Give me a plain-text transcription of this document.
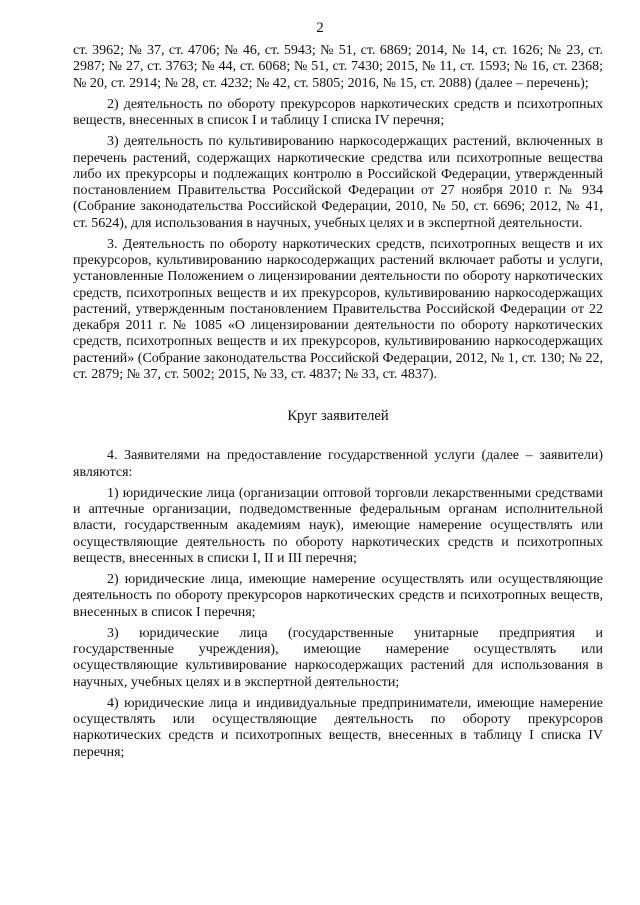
2

ст. 3962; № 37, ст. 4706; № 46, ст. 5943; № 51, ст. 6869; 2014, № 14, ст. 1626; № 23, ст. 2987; № 27, ст. 3763; № 44, ст. 6068; № 51, ст. 7430; 2015, № 11, ст. 1593; № 16, ст. 2368; № 20, ст. 2914; № 28, ст. 4232; № 42, ст. 5805; 2016, № 15, ст. 2088) (далее – перечень);

2) деятельность по обороту прекурсоров наркотических средств и психотропных веществ, внесенных в список I и таблицу I списка IV перечня;

3) деятельность по культивированию наркосодержащих растений, включенных в перечень растений, содержащих наркотические средства или психотропные вещества либо их прекурсоры и подлежащих контролю в Российской Федерации, утвержденный постановлением Правительства Российской Федерации от 27 ноября 2010 г. № 934 (Собрание законодательства Российской Федерации, 2010, № 50, ст. 6696; 2012, № 41, ст. 5624), для использования в научных, учебных целях и в экспертной деятельности.

3. Деятельность по обороту наркотических средств, психотропных веществ и их прекурсоров, культивированию наркосодержащих растений включает работы и услуги, установленные Положением о лицензировании деятельности по обороту наркотических средств, психотропных веществ и их прекурсоров, культивированию наркосодержащих растений, утвержденным постановлением Правительства Российской Федерации от 22 декабря 2011 г. № 1085 «О лицензировании деятельности по обороту наркотических средств, психотропных веществ и их прекурсоров, культивированию наркосодержащих растений» (Собрание законодательства Российской Федерации, 2012, № 1, ст. 130; № 22, ст. 2879; № 37, ст. 5002; 2015, № 33, ст. 4837; № 33, ст. 4837).

Круг заявителей

4. Заявителями на предоставление государственной услуги (далее – заявители) являются:

1) юридические лица (организации оптовой торговли лекарственными средствами и аптечные организации, подведомственные федеральным органам исполнительной власти, государственным академиям наук), имеющие намерение осуществлять или осуществляющие деятельность по обороту наркотических средств и психотропных веществ, внесенных в списки I, II и III перечня;

2) юридические лица, имеющие намерение осуществлять или осуществляющие деятельность по обороту прекурсоров наркотических средств и психотропных веществ, внесенных в список I перечня;

3) юридические лица (государственные унитарные предприятия и государственные учреждения), имеющие намерение осуществлять или осуществляющие культивирование наркосодержащих растений для использования в научных, учебных целях и в экспертной деятельности;

4) юридические лица и индивидуальные предприниматели, имеющие намерение осуществлять или осуществляющие деятельность по обороту прекурсоров наркотических средств и психотропных веществ, внесенных в таблицу I списка IV перечня;
